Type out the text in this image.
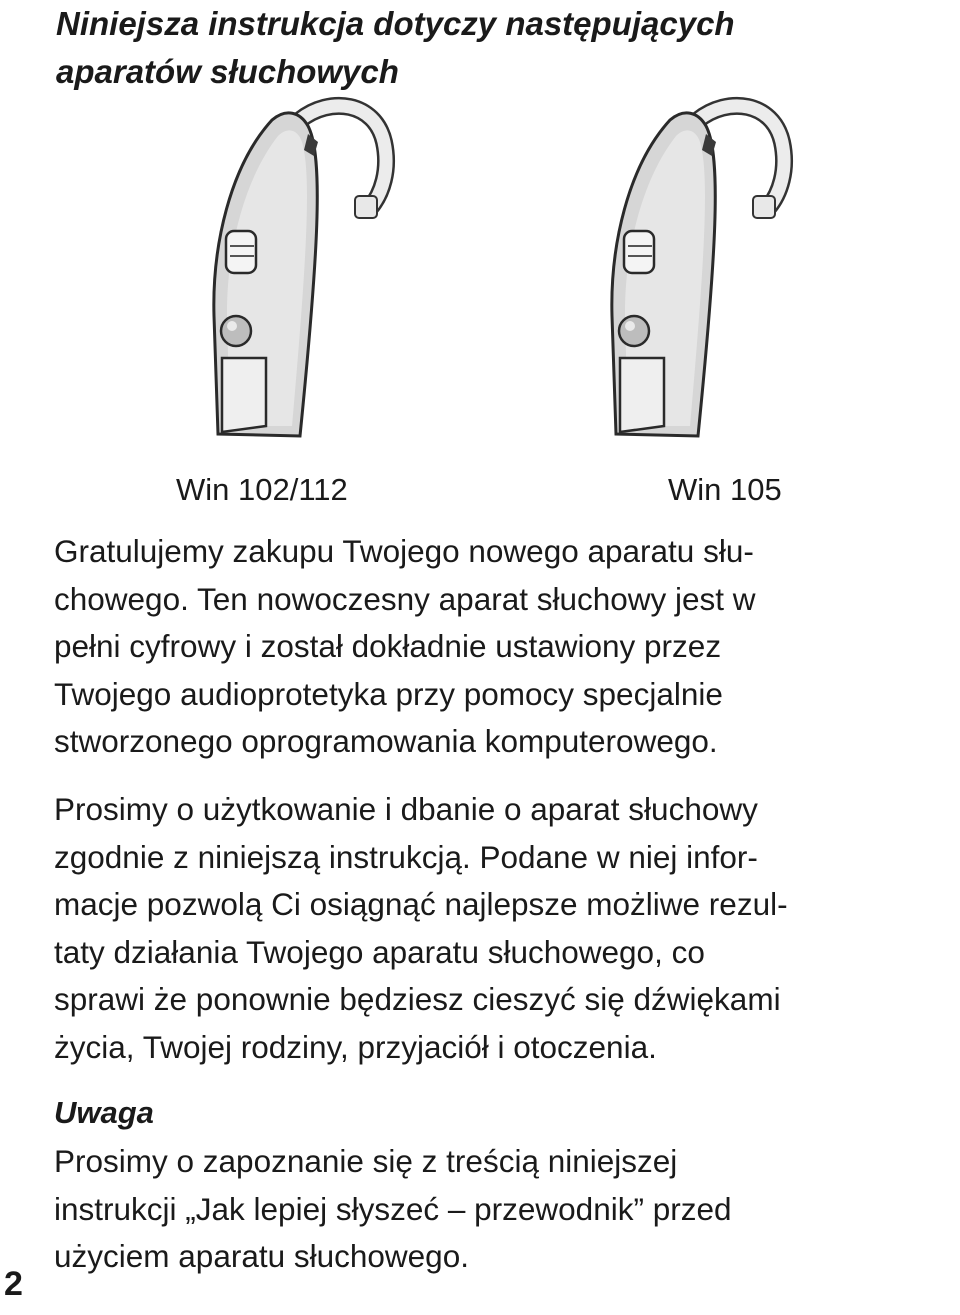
Niniejsza instrukcja dotyczy następujących
aparatów słuchowych
Win 102/112	Win 105

Gratulujemy zakupu Twojego nowego aparatu słu-
chowego. Ten nowoczesny aparat słuchowy jest w
pełni cyfrowy i został dokładnie ustawiony przez
Twojego audioprotetyka przy pomocy specjalnie
stworzonego oprogramowania komputerowego.

Prosimy o użytkowanie i dbanie o aparat słuchowy
zgodnie z niniejszą instrukcją. Podane w niej infor-
macje pozwolą Ci osiągnąć najlepsze możliwe rezul-
taty działania Twojego aparatu słuchowego, co
sprawi że ponownie będziesz cieszyć się dźwiękami
życia, Twojej rodziny, przyjaciół i otoczenia.

Uwaga

Prosimy o zapoznanie się z treścią niniejszej
instrukcji „Jak lepiej słyszeć – przewodnik” przed
użyciem aparatu słuchowego.

2
